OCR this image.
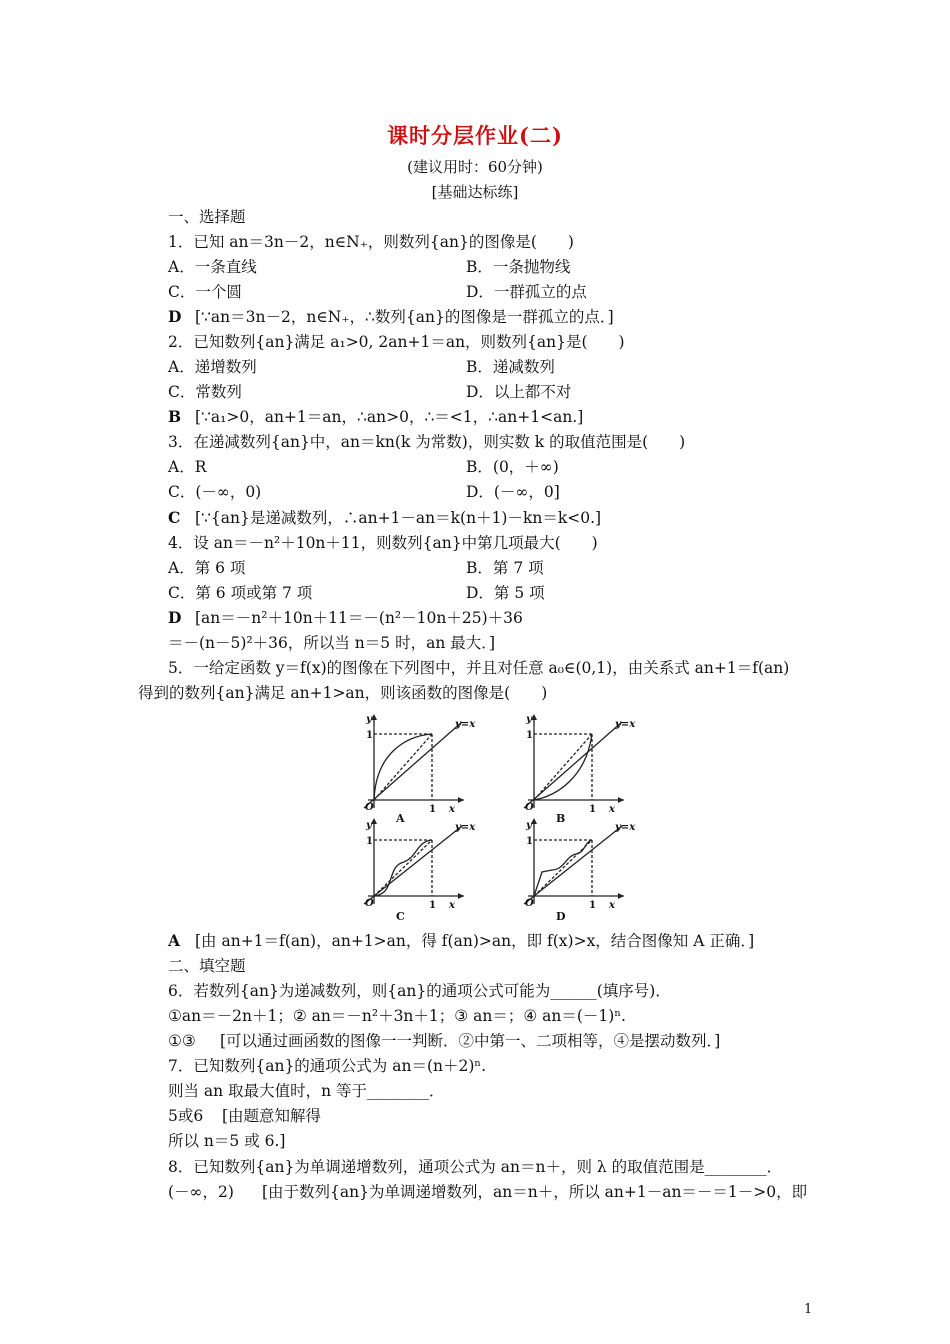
课时分层作业(二)
(建议用时：60分钟)
[基础达标练]
一、选择题
1．已知 an＝3n－2，n∈N₊，则数列{an}的图像是(　　)
A．一条直线	B．一条抛物线
C．一个圆	D．一群孤立的点
D [∵an＝3n－2，n∈N₊，∴数列{an}的图像是一群孤立的点．]
2．已知数列{an}满足 a₁>0, 2an+1＝an，则数列{an}是(　　)
A．递增数列	B．递减数列
C．常数列	D．以上都不对
B [∵a₁>0，an+1＝an，∴an>0，∴＝<1，∴an+1<an.]
3．在递减数列{an}中，an＝kn(k 为常数)，则实数 k 的取值范围是(　　)
A．R	B．(0，＋∞)
C．(－∞，0)	D．(－∞，0]
C [∵{an}是递减数列，∴an+1－an＝k(n＋1)－kn＝k<0.]
4．设 an＝－n²＋10n＋11，则数列{an}中第几项最大(　　)
A．第 6 项	B．第 7 项
C．第 6 项或第 7 项	D．第 5 项
D [an＝－n²＋10n＋11＝－(n²－10n＋25)＋36
＝－(n－5)²＋36，所以当 n＝5 时，an 最大．]
5．一给定函数 y＝f(x)的图像在下列图中，并且对任意 a₀∈(0,1)，由关系式 an+1＝f(an)
得到的数列{an}满足 an+1>an，则该函数的图像是(　　)
y	y=x
1
O	1 x
A
y	y=x
1
O	1 x
B
y	y=x
1
O	1 x
C
y	y=x
1
O	1 x
D
A [由 an+1＝f(an)，an+1>an，得 f(an)>an，即 f(x)>x，结合图像知 A 正确．]
二、填空题
6．若数列{an}为递减数列，则{an}的通项公式可能为______(填序号)．
①an＝－2n＋1；② an＝－n²＋3n＋1；③ an＝；④ an＝(－1)ⁿ.
①③ [可以通过画函数的图像一一判断．②中第一、二项相等，④是摆动数列．]
7．已知数列{an}的通项公式为 an＝(n＋2)ⁿ.
则当 an 取最大值时，n 等于________．
5或6 [由题意知解得
所以 n＝5 或 6.]
8．已知数列{an}为单调递增数列，通项公式为 an＝n＋，则 λ 的取值范围是________．
(－∞，2) [由于数列{an}为单调递增数列，an＝n＋，所以 an+1－an＝－＝1－>0，即
1
